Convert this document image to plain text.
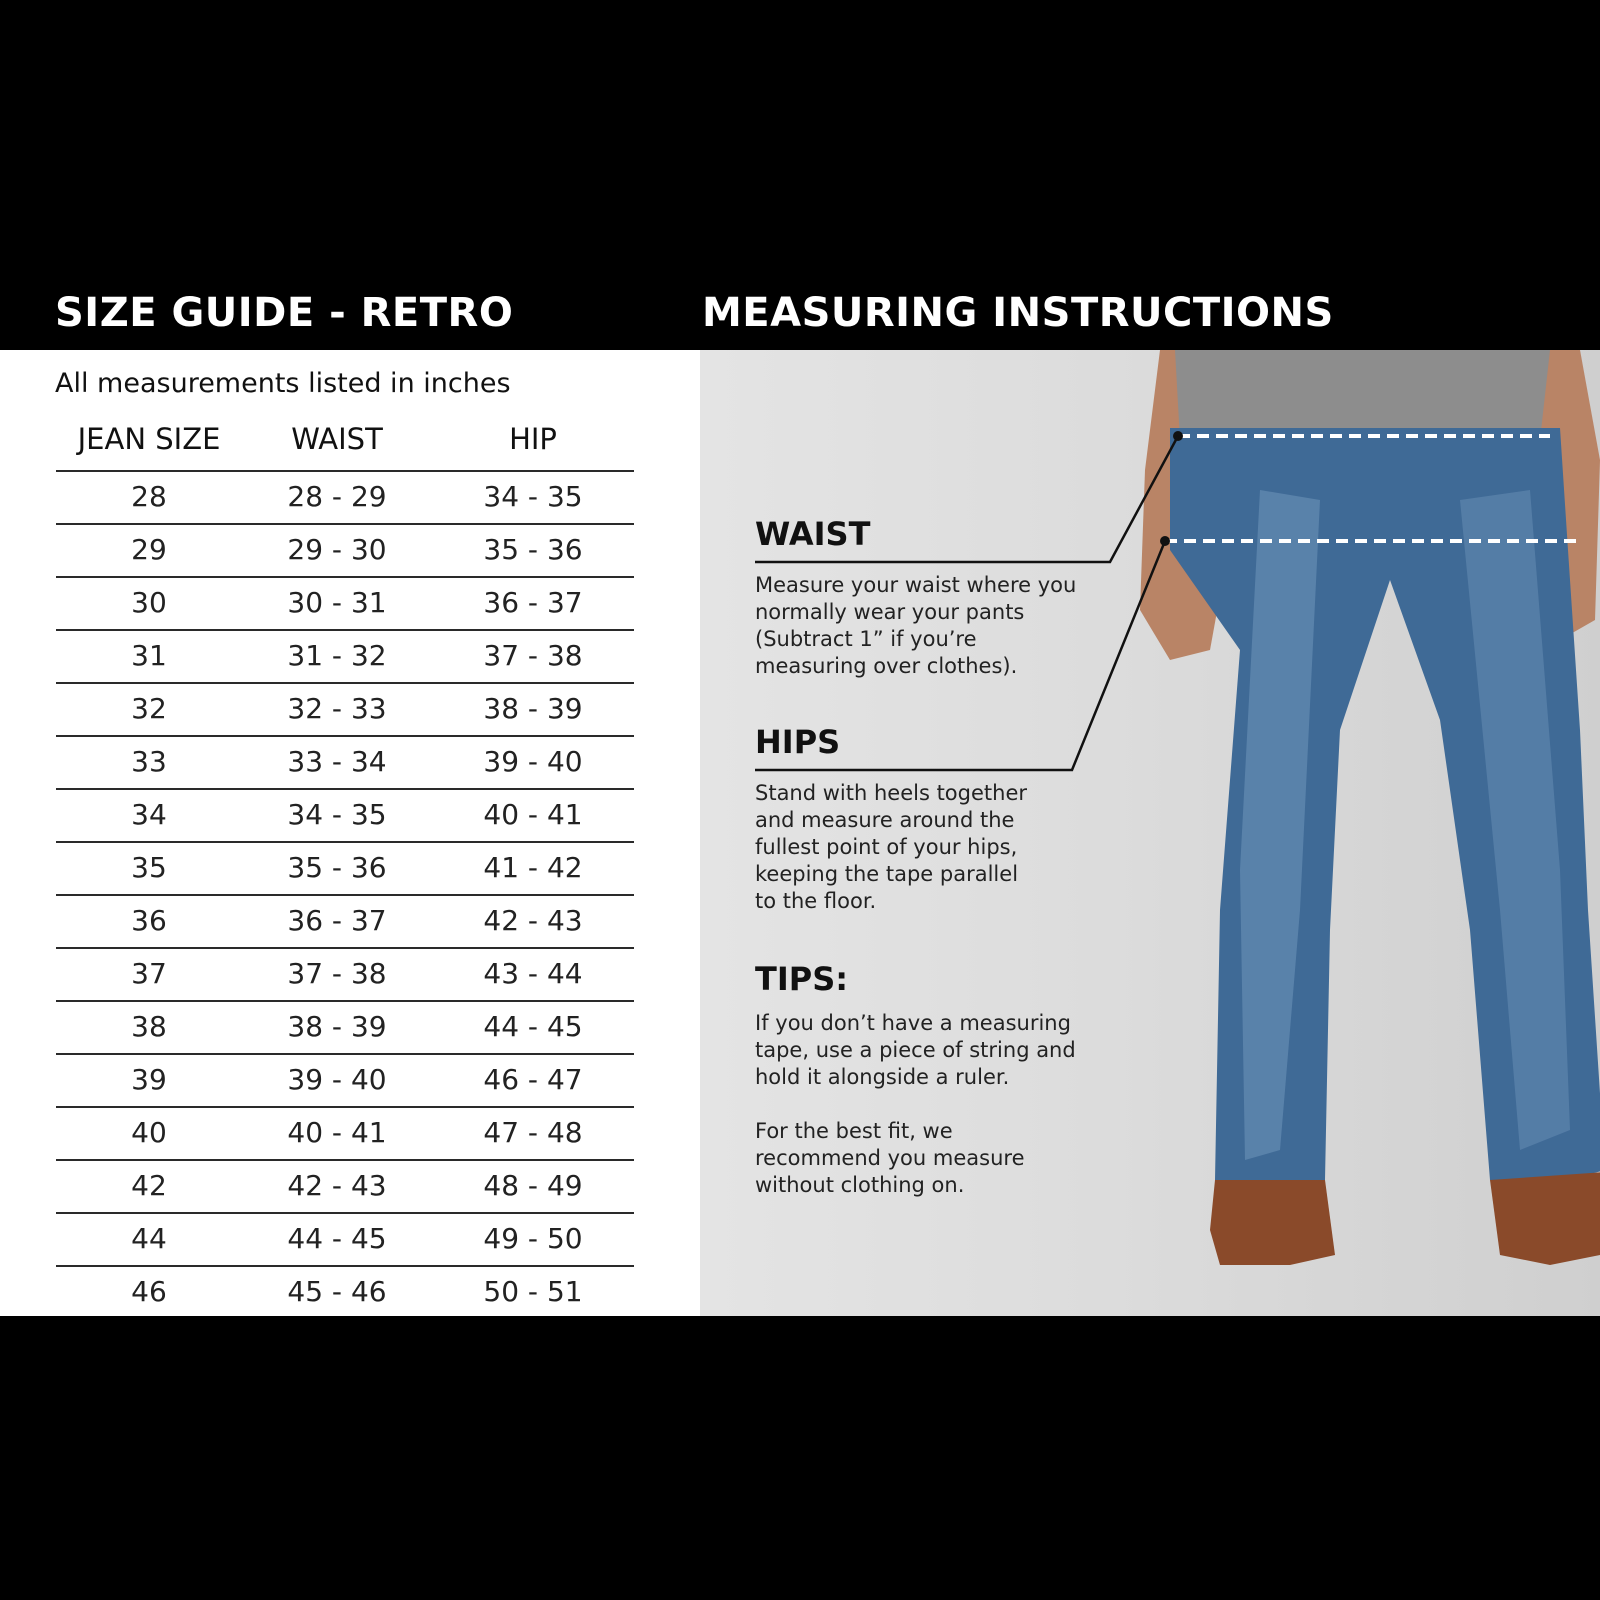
SIZE GUIDE - RETRO	MEASURING INSTRUCTIONS
All measurements listed in inches
JEAN SIZE	WAIST	HIP
28	28 - 29	34 - 35
29	29 - 30	35 - 36
30	30 - 31	36 - 37
31	31 - 32	37 - 38
32	32 - 33	38 - 39
33	33 - 34	39 - 40
34	34 - 35	40 - 41
35	35 - 36	41 - 42
36	36 - 37	42 - 43
37	37 - 38	43 - 44
38	38 - 39	44 - 45
39	39 - 40	46 - 47
40	40 - 41	47 - 48
42	42 - 43	48 - 49
44	44 - 45	49 - 50
46	45 - 46	50 - 51
WAIST
Measure your waist where you
normally wear your pants
(Subtract 1” if you’re
measuring over clothes).
HIPS
Stand with heels together
and measure around the
fullest point of your hips,
keeping the tape parallel
to the floor.
TIPS:
If you don’t have a measuring
tape, use a piece of string and
hold it alongside a ruler.
For the best fit, we
recommend you measure
without clothing on.
